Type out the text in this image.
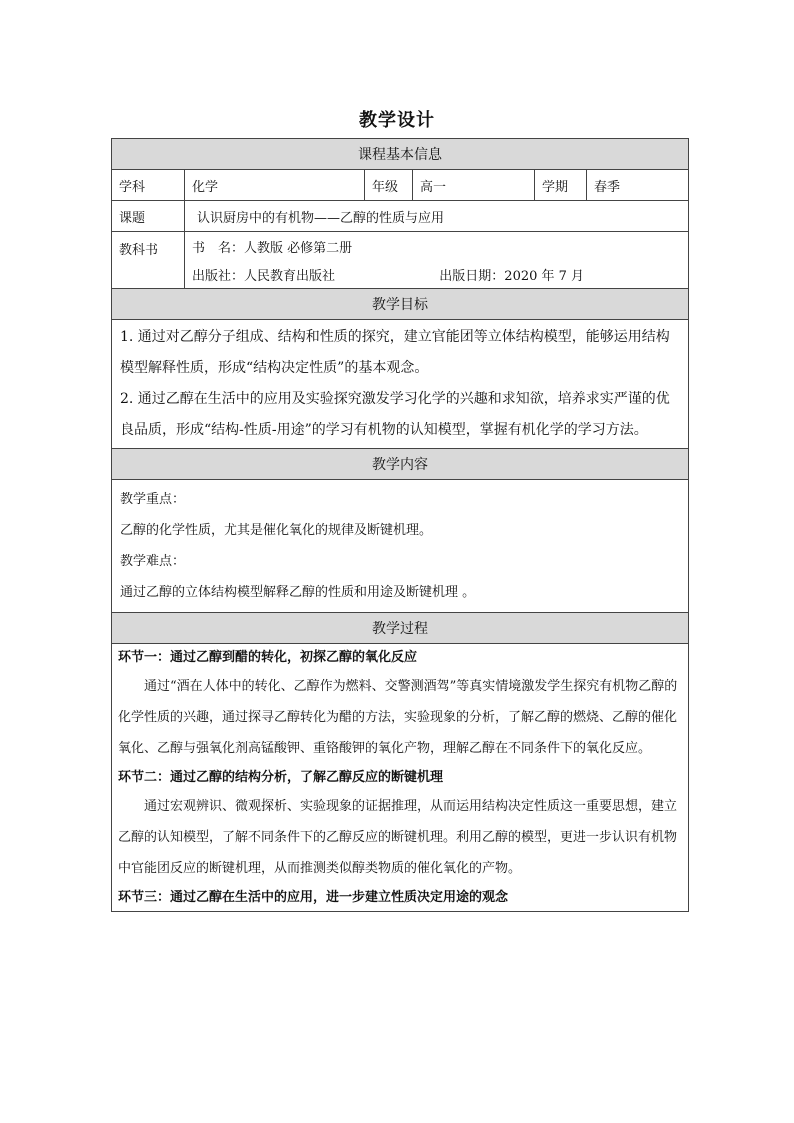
教学设计
课程基本信息					
学科	化学	年级	高一	学期	春季
课题	认识厨房中的有机物——乙醇的性质与应用				
教科书	书　名：人教版 必修第二册				
	出版社：人民教育出版社 出版日期：2020 年 7 月				
教学目标					

1. 通过对乙醇分子组成、结构和性质的探究，建立官能团等立体结构模型，能够运用结构模型解释性质，形成“结构决定性质”的基本观念。

2. 通过乙醇在生活中的应用及实验探究激发学习化学的兴趣和求知欲，培养求实严谨的优良品质，形成“结构-性质-用途”的学习有机物的认知模型，掌握有机化学的学习方法。					

教学内容					

教学重点：

乙醇的化学性质，尤其是催化氧化的规律及断键机理。

教学难点：

通过乙醇的立体结构模型解释乙醇的性质和用途及断键机理 。					

教学过程					

环节一：通过乙醇到醋的转化，初探乙醇的氧化反应

通过“酒在人体中的转化、乙醇作为燃料、交警测酒驾”等真实情境激发学生探究有机物乙醇的化学性质的兴趣，通过探寻乙醇转化为醋的方法，实验现象的分析，了解乙醇的燃烧、乙醇的催化氧化、乙醇与强氧化剂高锰酸钾、重铬酸钾的氧化产物，理解乙醇在不同条件下的氧化反应。

环节二：通过乙醇的结构分析，了解乙醇反应的断键机理

通过宏观辨识、微观探析、实验现象的证据推理，从而运用结构决定性质这一重要思想，建立乙醇的认知模型，了解不同条件下的乙醇反应的断键机理。利用乙醇的模型，更进一步认识有机物中官能团反应的断键机理，从而推测类似醇类物质的催化氧化的产物。

环节三：通过乙醇在生活中的应用，进一步建立性质决定用途的观念					
